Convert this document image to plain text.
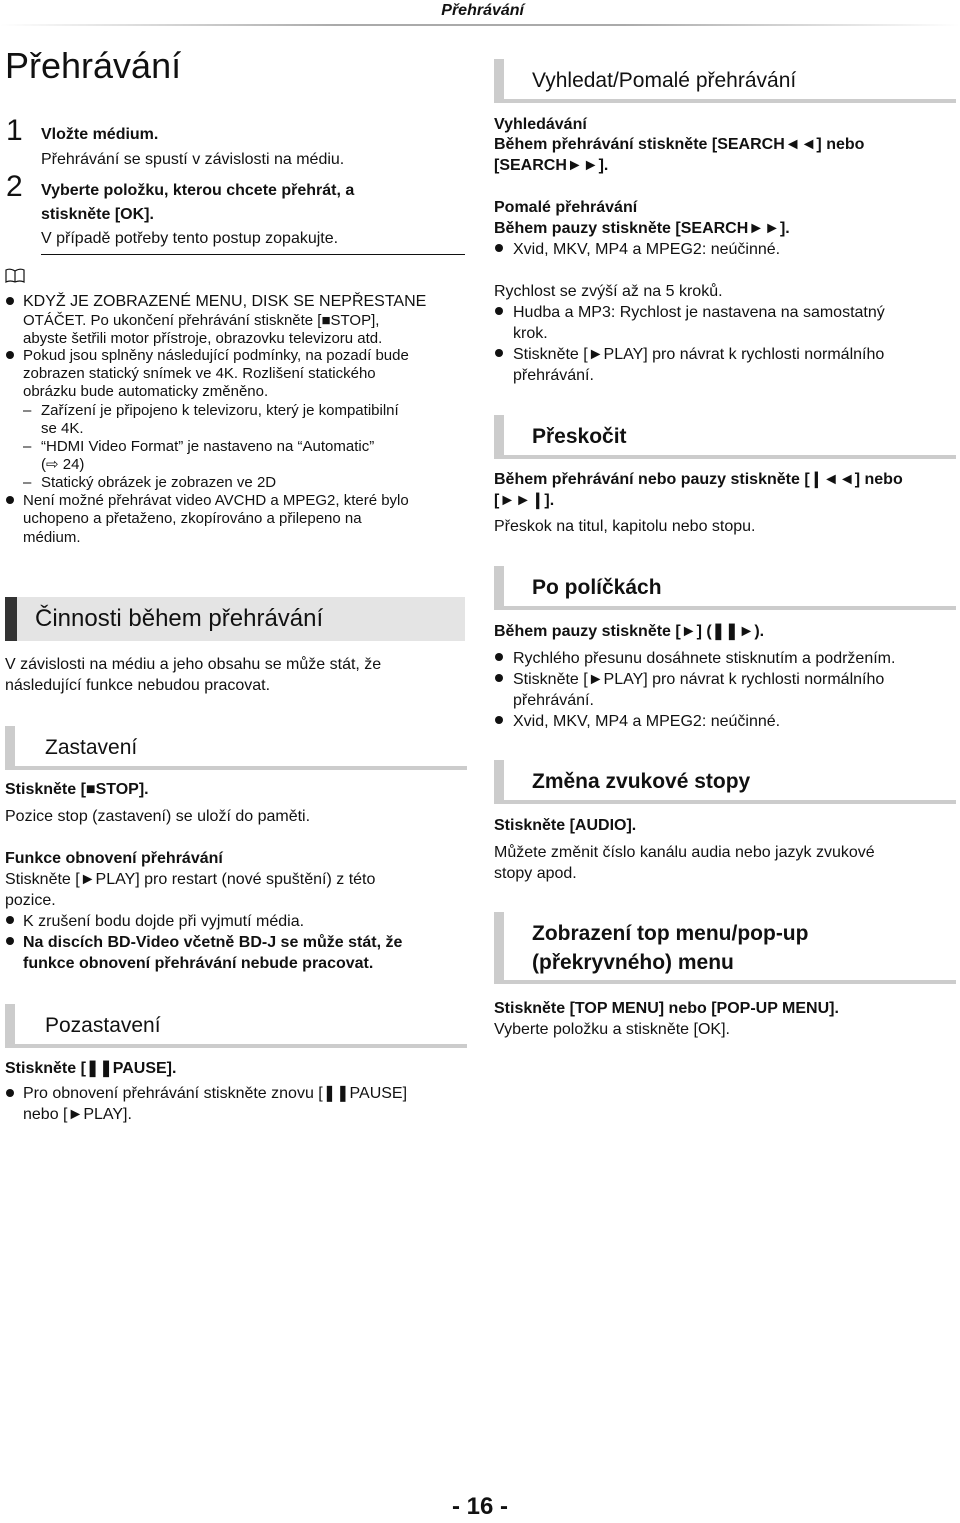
Přehrávání
Přehrávání
1 Vložte médium.
Přehrávání se spustí v závislosti na médiu.
2 Vyberte položku, kterou chcete přehrát, a
stiskněte [OK].
V případě potřeby tento postup zopakujte.
KDYŽ JE ZOBRAZENÉ MENU, DISK SE NEPŘESTANE
OTÁČET. Po ukončení přehrávání stiskněte [■STOP],
abyste šetřili motor přístroje, obrazovku televizoru atd.
Pokud jsou splněny následující podmínky, na pozadí bude
zobrazen statický snímek ve 4K. Rozlišení statického
obrázku bude automaticky změněno.
– Zařízení je připojeno k televizoru, který je kompatibilní
se 4K.
– “HDMI Video Format” je nastaveno na “Automatic”
(⇨ 24)
– Statický obrázek je zobrazen ve 2D
Není možné přehrávat video AVCHD a MPEG2, které bylo
uchopeno a přetaženo, zkopírováno a přilepeno na
médium.
Činnosti během přehrávání
V závislosti na médiu a jeho obsahu se může stát, že
následující funkce nebudou pracovat.
Zastavení
Stiskněte [■STOP].
Pozice stop (zastavení) se uloží do paměti.
Funkce obnovení přehrávání
Stiskněte [►PLAY] pro restart (nové spuštění) z této
pozice.
K zrušení bodu dojde při vyjmutí média.
Na discích BD-Video včetně BD-J se může stát, že
funkce obnovení přehrávání nebude pracovat.
Pozastavení
Stiskněte [❚❚PAUSE].
Pro obnovení přehrávání stiskněte znovu [❚❚PAUSE]
nebo [►PLAY].
Vyhledat/Pomalé přehrávání
Vyhledávání
Během přehrávání stiskněte [SEARCH◄◄] nebo
[SEARCH►►].
Pomalé přehrávání
Během pauzy stiskněte [SEARCH►►].
Xvid, MKV, MP4 a MPEG2: neúčinné.
Rychlost se zvýší až na 5 kroků.
Hudba a MP3: Rychlost je nastavena na samostatný
krok.
Stiskněte [►PLAY] pro návrat k rychlosti normálního
přehrávání.
Přeskočit
Během přehrávání nebo pauzy stiskněte [❙◄◄] nebo
[►►❙].
Přeskok na titul, kapitolu nebo stopu.
Po políčkách
Během pauzy stiskněte [►] (❚❚►).
Rychlého přesunu dosáhnete stisknutím a podržením.
Stiskněte [►PLAY] pro návrat k rychlosti normálního
přehrávání.
Xvid, MKV, MP4 a MPEG2: neúčinné.
Změna zvukové stopy
Stiskněte [AUDIO].
Můžete změnit číslo kanálu audia nebo jazyk zvukové
stopy apod.
Zobrazení top menu/pop-up
(překryvného) menu
Stiskněte [TOP MENU] nebo [POP-UP MENU].
Vyberte položku a stiskněte [OK].
- 16 -
